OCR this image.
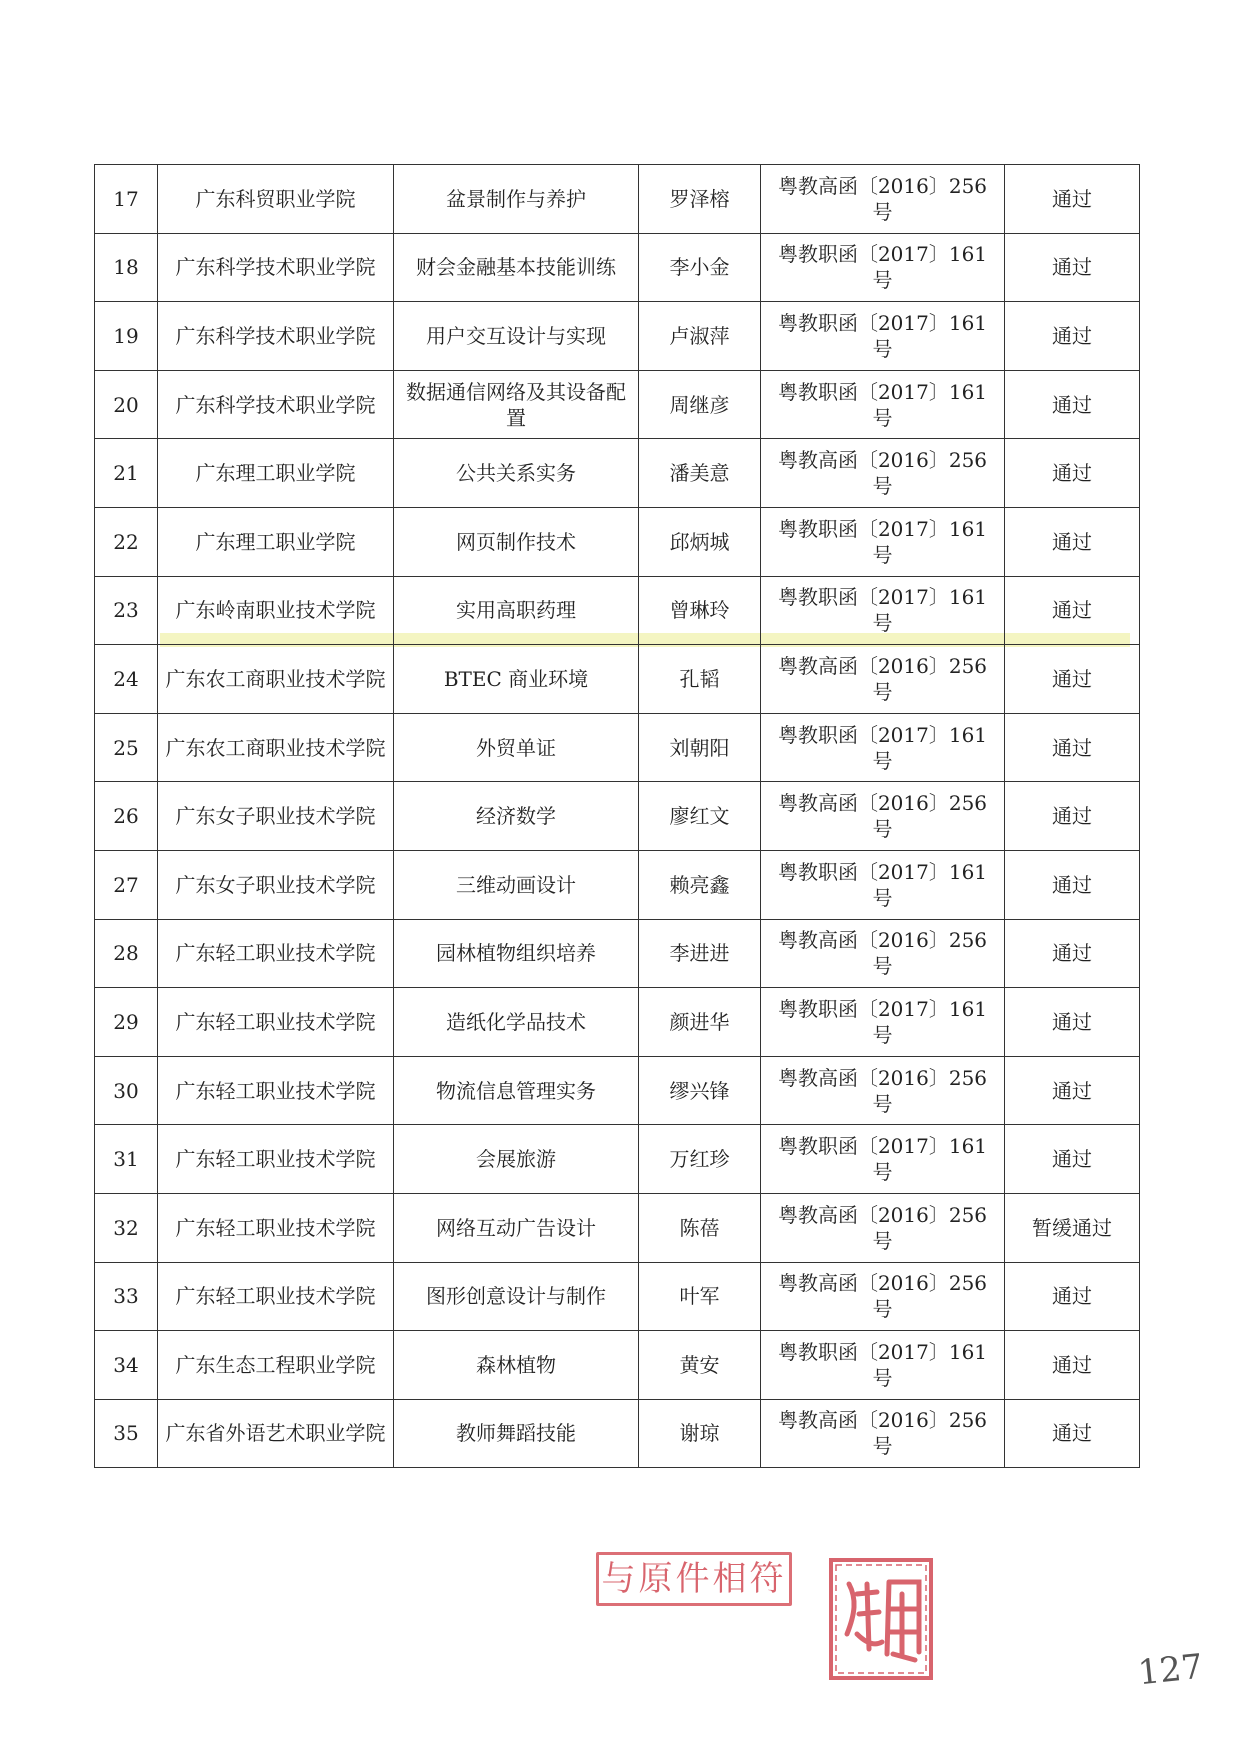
17	广东科贸职业学院	盆景制作与养护	罗泽榕	粤教高函〔2016〕256 号	通过
18	广东科学技术职业学院	财会金融基本技能训练	李小金	粤教职函〔2017〕161 号	通过
19	广东科学技术职业学院	用户交互设计与实现	卢淑萍	粤教职函〔2017〕161 号	通过
20	广东科学技术职业学院	数据通信网络及其设备配置	周继彦	粤教职函〔2017〕161 号	通过
21	广东理工职业学院	公共关系实务	潘美意	粤教高函〔2016〕256 号	通过
22	广东理工职业学院	网页制作技术	邱炳城	粤教职函〔2017〕161 号	通过
23	广东岭南职业技术学院	实用高职药理	曾琳玲	粤教职函〔2017〕161 号	通过
24	广东农工商职业技术学院	BTEC 商业环境	孔韬	粤教高函〔2016〕256 号	通过
25	广东农工商职业技术学院	外贸单证	刘朝阳	粤教职函〔2017〕161 号	通过
26	广东女子职业技术学院	经济数学	廖红文	粤教高函〔2016〕256 号	通过
27	广东女子职业技术学院	三维动画设计	赖亮鑫	粤教职函〔2017〕161 号	通过
28	广东轻工职业技术学院	园林植物组织培养	李进进	粤教高函〔2016〕256 号	通过
29	广东轻工职业技术学院	造纸化学品技术	颜进华	粤教职函〔2017〕161 号	通过
30	广东轻工职业技术学院	物流信息管理实务	缪兴锋	粤教高函〔2016〕256 号	通过
31	广东轻工职业技术学院	会展旅游	万红珍	粤教职函〔2017〕161 号	通过
32	广东轻工职业技术学院	网络互动广告设计	陈蓓	粤教高函〔2016〕256 号	暂缓通过
33	广东轻工职业技术学院	图形创意设计与制作	叶军	粤教高函〔2016〕256 号	通过
34	广东生态工程职业学院	森林植物	黄安	粤教职函〔2017〕161 号	通过
35	广东省外语艺术职业学院	教师舞蹈技能	谢琼	粤教高函〔2016〕256 号	通过
与原件相符
127
